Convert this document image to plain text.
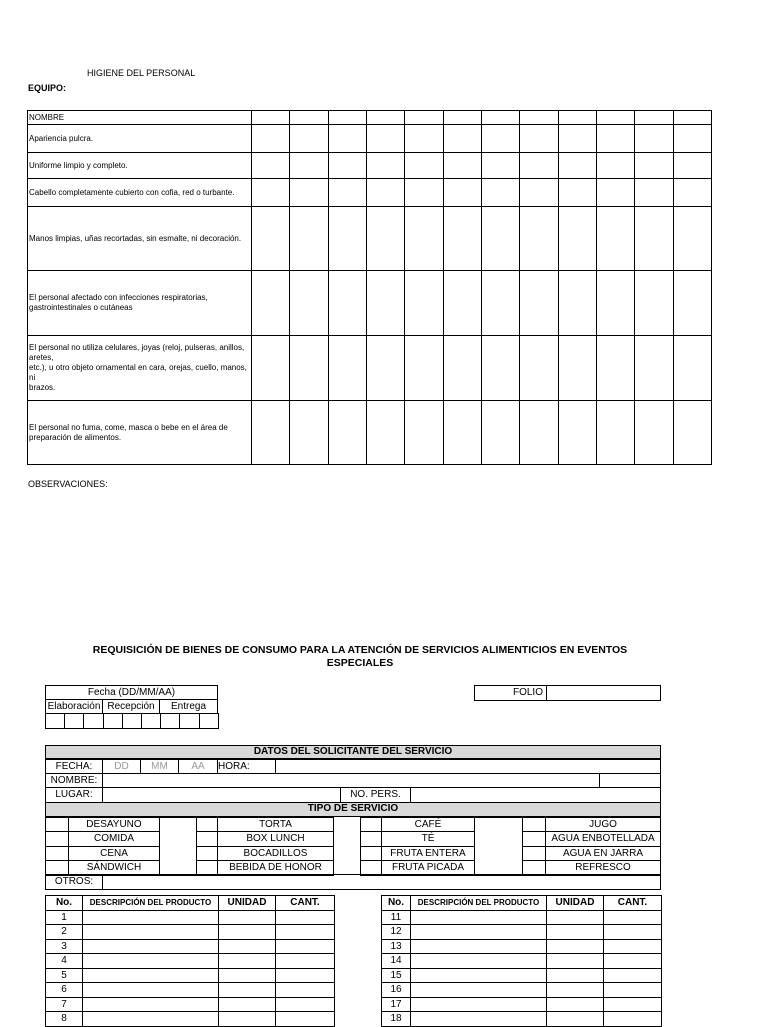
HIGIENE DEL PERSONAL
EQUIPO:
NOMBRE												
Apariencia pulcra.												
Uniforme limpio y completo.												
Cabello completamente cubierto con cofia, red o turbante.												
Manos limpias, uñas recortadas, sin esmalte, ni decoración.												
El personal afectado con infecciones respiratorias, gastrointestinales o cutáneas												
El personal no utiliza celulares, joyas (reloj, pulseras, anillos, aretes,
etc.), u otro objeto ornamental en cara, orejas, cuello, manos, ni
brazos.												
El personal no fuma, come, masca o bebe en el área de preparación de alimentos.												
OBSERVACIONES:
REQUISICIÓN DE BIENES DE CONSUMO PARA LA ATENCIÓN DE SERVICIOS ALIMENTICIOS EN EVENTOS ESPECIALES
Fecha (DD/MM/AA)
Elaboración Recepción	Entrega
FOLIO
DATOS DEL SOLICITANTE DEL SERVICIO
FECHA:	DD	MM	AA	HORA:
NOMBRE:
LUGAR:	NO. PERS.
TIPO DE SERVICIO
DESAYUNO	TORTA	CAFÉ	JUGO
COMIDA	BOX LUNCH	TÉ	AGUA ENBOTELLADA
CENA	BOCADILLOS	FRUTA ENTERA	AGUA EN JARRA
SÁNDWICH	BEBIDA DE HONOR	FRUTA PICADA	REFRESCO
OTROS:
No.	DESCRIPCIÓN DEL PRODUCTO	UNIDAD	CANT.
1			
2			
3			
4			
5			
6			
7			
8			
No.	DESCRIPCIÓN DEL PRODUCTO	UNIDAD	CANT.
11			
12			
13			
14			
15			
16			
17			
18			
